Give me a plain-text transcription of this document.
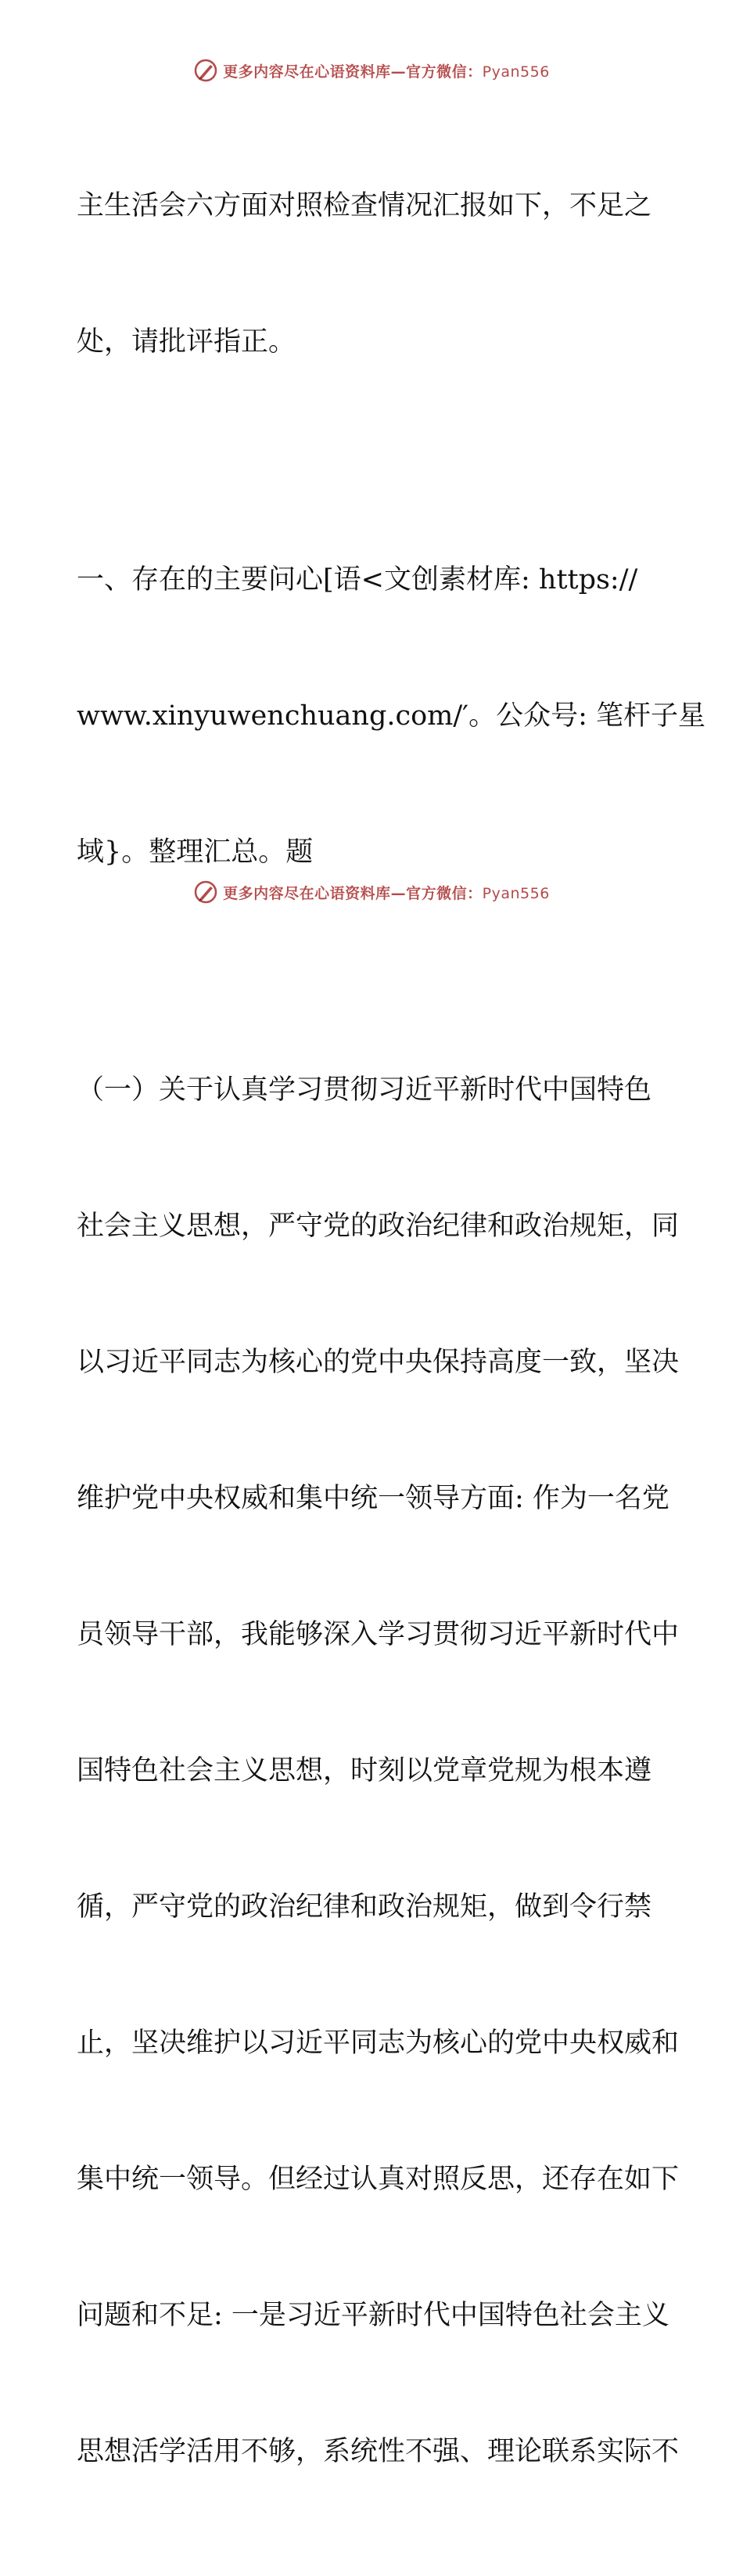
更多内容尽在心语资料库—官方微信：Pyan556

主生活会六方面对照检查情况汇报如下，不足之

处，请批评指正。

一、存在的主要问心[语<文创素材库: https://

www.xinyuwenchuang.com/′。公众号: 笔杆子星

域}。整理汇总。题

（一）关于认真学习贯彻习近平新时代中国特色

社会主义思想，严守党的政治纪律和政治规矩，同

以习近平同志为核心的党中央保持高度一致，坚决

维护党中央权威和集中统一领导方面: 作为一名党

员领导干部，我能够深入学习贯彻习近平新时代中

国特色社会主义思想，时刻以党章党规为根本遵

循，严守党的政治纪律和政治规矩，做到令行禁

止，坚决维护以习近平同志为核心的党中央权威和

集中统一领导。但经过认真对照反思，还存在如下

问题和不足: 一是习近平新时代中国特色社会主义

思想活学活用不够，系统性不强、理论联系实际不

更多内容尽在心语资料库—官方微信：Pyan556
